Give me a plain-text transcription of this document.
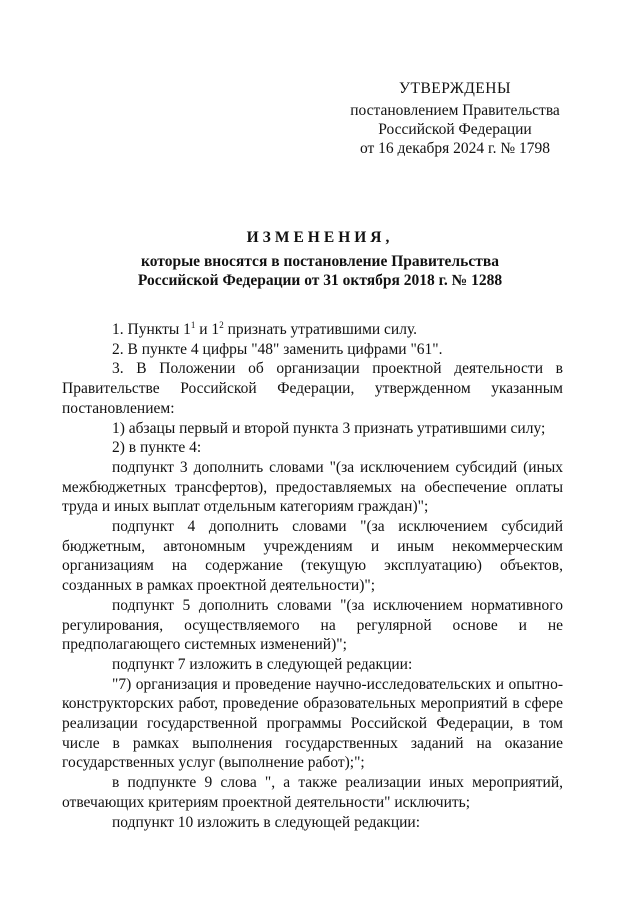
УТВЕРЖДЕНЫ
постановлением Правительства
Российской Федерации
от 16 декабря 2024 г. № 1798
ИЗМЕНЕНИЯ,
которые вносятся в постановление Правительства
Российской Федерации от 31 октября 2018 г. № 1288

1. Пункты $1^1$ и $1^2$ признать утратившими силу.

2. В пункте 4 цифры "48" заменить цифрами "61".

3. В Положении об организации проектной деятельности в Правительстве Российской Федерации, утвержденном указанным постановлением:

1) абзацы первый и второй пункта 3 признать утратившими силу;

2) в пункте 4:

подпункт 3 дополнить словами "(за исключением субсидий (иных межбюджетных трансфертов), предоставляемых на обеспечение оплаты труда и иных выплат отдельным категориям граждан)";

подпункт 4 дополнить словами "(за исключением субсидий бюджетным, автономным учреждениям и иным некоммерческим организациям на содержание (текущую эксплуатацию) объектов, созданных в рамках проектной деятельности)";

подпункт 5 дополнить словами "(за исключением нормативного регулирования, осуществляемого на регулярной основе и не предполагающего системных изменений)";

подпункт 7 изложить в следующей редакции:

"7) организация и проведение научно-исследовательских и опытно-конструкторских работ, проведение образовательных мероприятий в сфере реализации государственной программы Российской Федерации, в том числе в рамках выполнения государственных заданий на оказание государственных услуг (выполнение работ);";

в подпункте 9 слова ", а также реализации иных мероприятий, отвечающих критериям проектной деятельности" исключить;

подпункт 10 изложить в следующей редакции:
